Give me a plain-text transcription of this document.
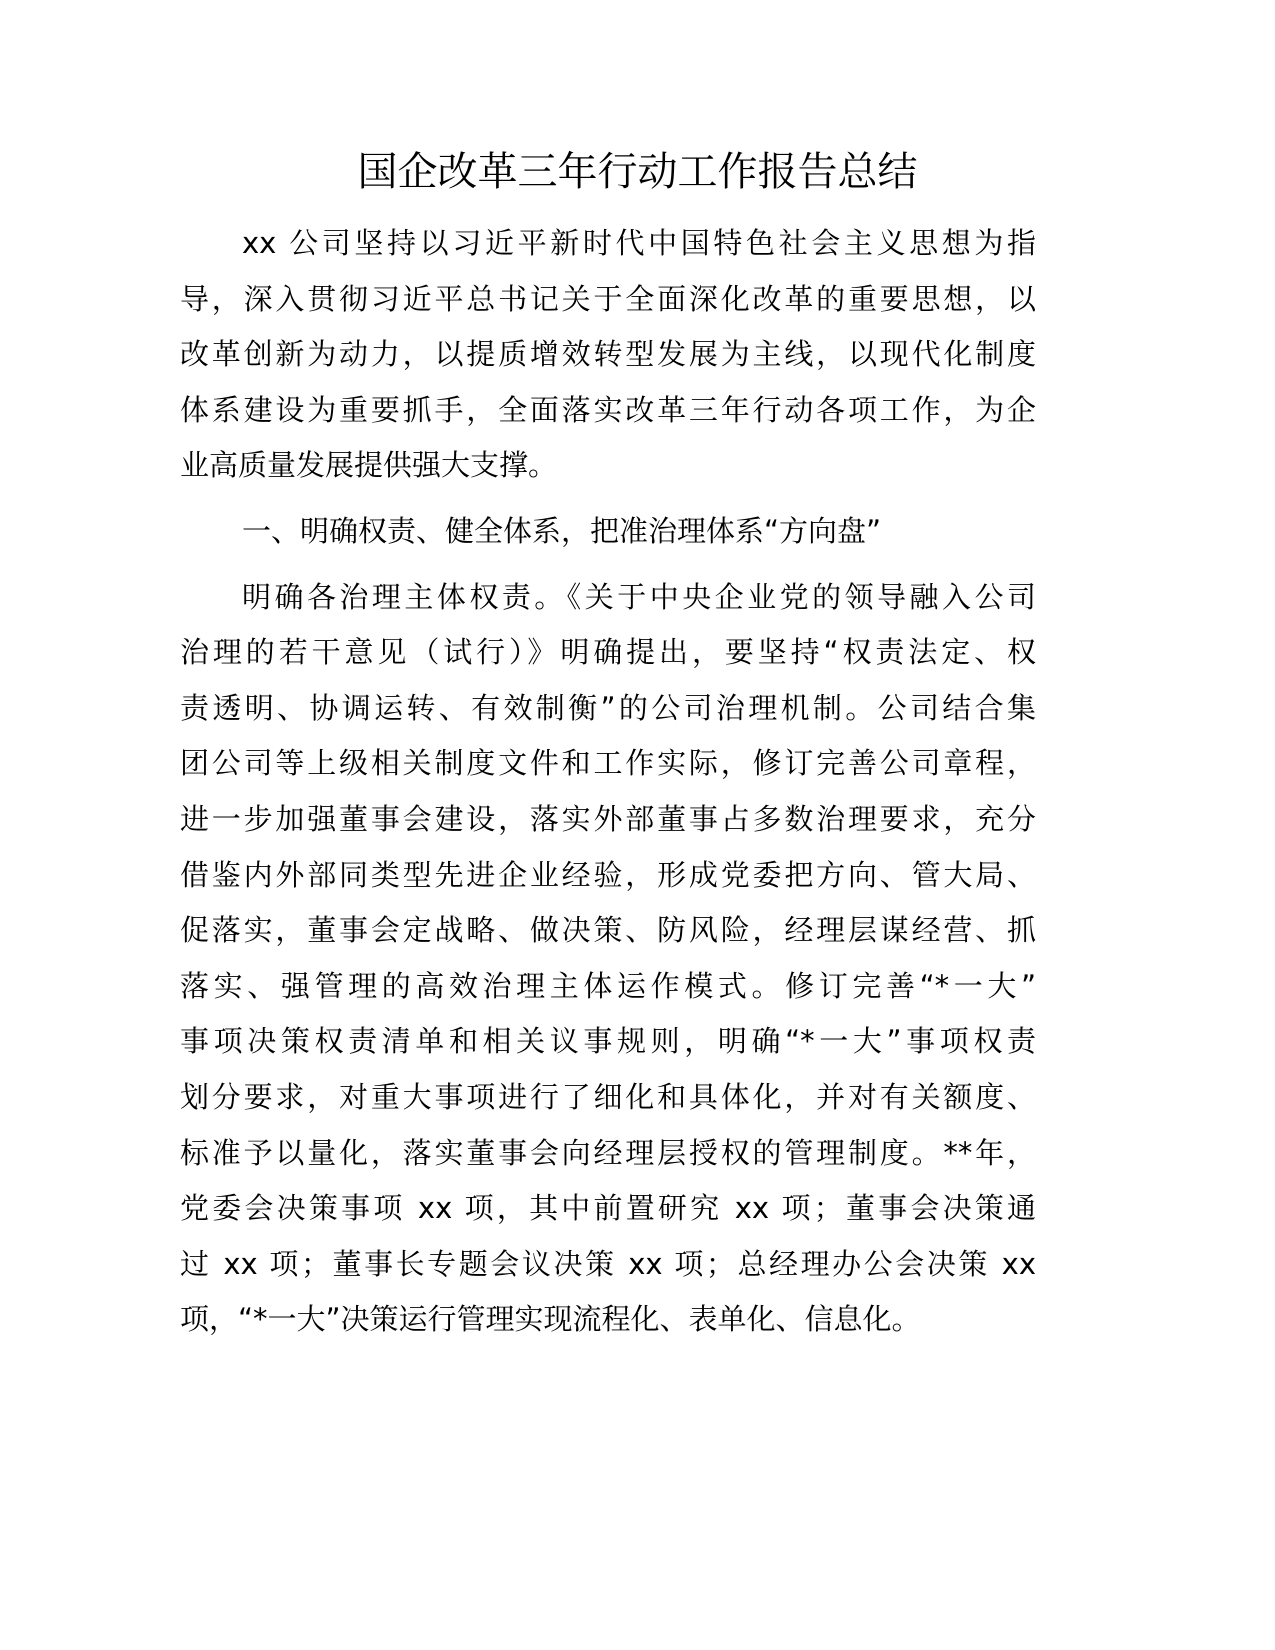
国企改革三年行动工作报告总结
xx 公司坚持以习近平新时代中国特色社会主义思想为指
导，深入贯彻习近平总书记关于全面深化改革的重要思想，以
改革创新为动力，以提质增效转型发展为主线，以现代化制度
体系建设为重要抓手，全面落实改革三年行动各项工作，为企
业高质量发展提供强大支撑。
一、明确权责、健全体系，把准治理体系“方向盘”
明确各治理主体权责。《关于中央企业党的领导融入公司
治理的若干意见（试行）》明确提出，要坚持“权责法定、权
责透明、协调运转、有效制衡”的公司治理机制。公司结合集
团公司等上级相关制度文件和工作实际，修订完善公司章程，
进一步加强董事会建设，落实外部董事占多数治理要求，充分
借鉴内外部同类型先进企业经验，形成党委把方向、管大局、
促落实，董事会定战略、做决策、防风险，经理层谋经营、抓
落实、强管理的高效治理主体运作模式。修订完善“*一大”
事项决策权责清单和相关议事规则，明确“*一大”事项权责
划分要求，对重大事项进行了细化和具体化，并对有关额度、
标准予以量化，落实董事会向经理层授权的管理制度。**年，
党委会决策事项 xx 项，其中前置研究 xx 项；董事会决策通
过 xx 项；董事长专题会议决策 xx 项；总经理办公会决策 xx
项，“*一大”决策运行管理实现流程化、表单化、信息化。
